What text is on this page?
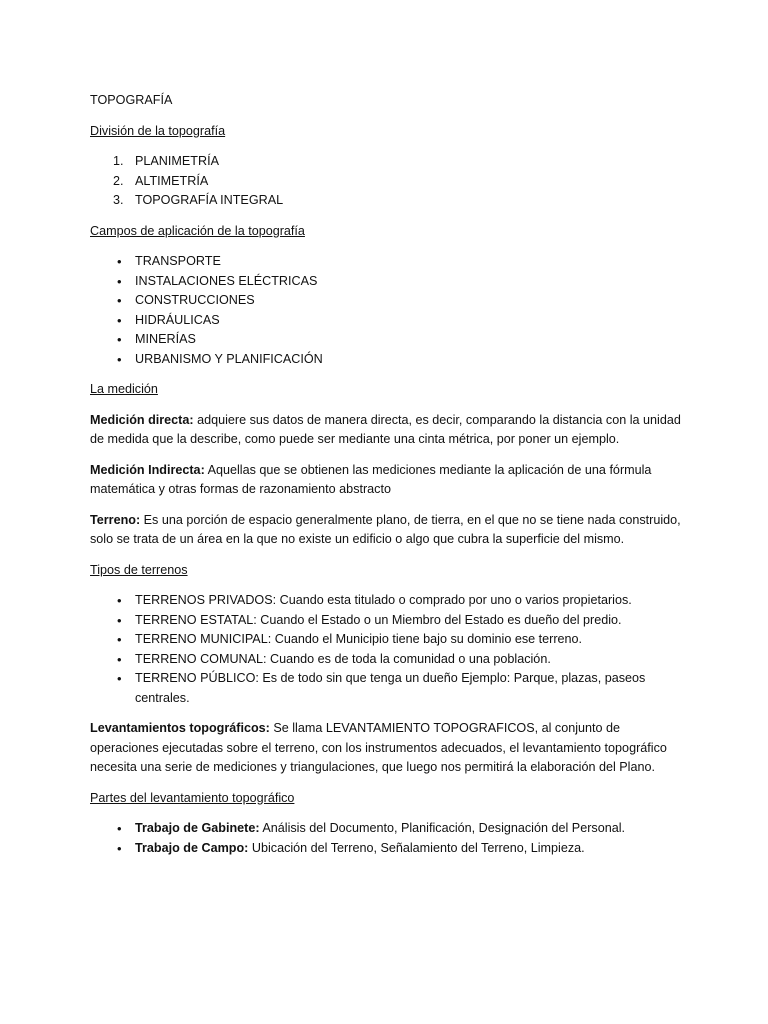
TOPOGRAFÍA

División de la topografía

1. PLANIMETRÍA
2. ALTIMETRÍA
3. TOPOGRAFÍA INTEGRAL

Campos de aplicación de la topografía

• TRANSPORTE
• INSTALACIONES ELÉCTRICAS
• CONSTRUCCIONES
• HIDRÁULICAS
• MINERÍAS
• URBANISMO Y PLANIFICACIÓN

La medición

Medición directa: adquiere sus datos de manera directa, es decir, comparando la distancia con la unidad de medida que la describe, como puede ser mediante una cinta métrica, por poner un ejemplo.

Medición Indirecta: Aquellas que se obtienen las mediciones mediante la aplicación de una fórmula matemática y otras formas de razonamiento abstracto

Terreno: Es una porción de espacio generalmente plano, de tierra, en el que no se tiene nada construido, solo se trata de un área en la que no existe un edificio o algo que cubra la superficie del mismo.

Tipos de terrenos

• TERRENOS PRIVADOS: Cuando esta titulado o comprado por uno o varios propietarios.
• TERRENO ESTATAL: Cuando el Estado o un Miembro del Estado es dueño del predio.
• TERRENO MUNICIPAL: Cuando el Municipio tiene bajo su dominio ese terreno.
• TERRENO COMUNAL: Cuando es de toda la comunidad o una población.
• TERRENO PÚBLICO: Es de todo sin que tenga un dueño Ejemplo: Parque, plazas, paseos centrales.

Levantamientos topográficos: Se llama LEVANTAMIENTO TOPOGRAFICOS, al conjunto de operaciones ejecutadas sobre el terreno, con los instrumentos adecuados, el levantamiento topográfico necesita una serie de mediciones y triangulaciones, que luego nos permitirá la elaboración del Plano.

Partes del levantamiento topográfico

• Trabajo de Gabinete: Análisis del Documento, Planificación, Designación del Personal.
• Trabajo de Campo: Ubicación del Terreno, Señalamiento del Terreno, Limpieza.
